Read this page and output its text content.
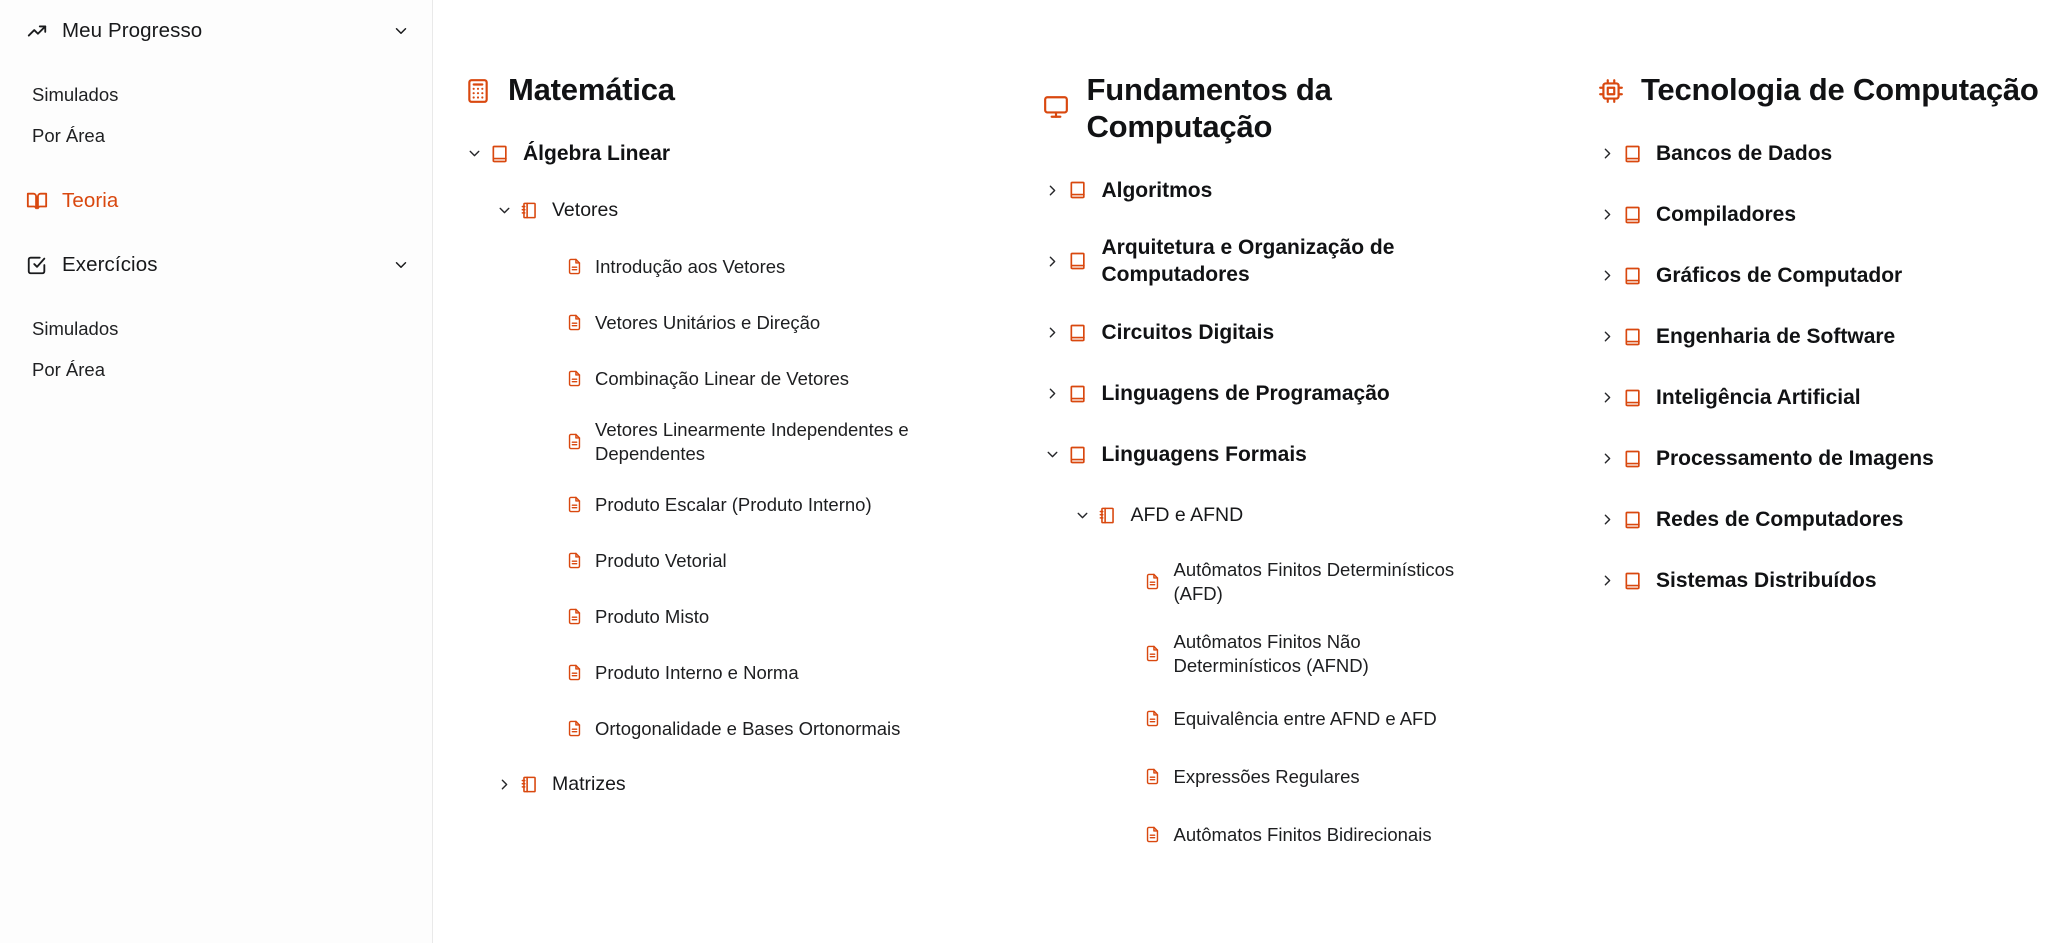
Meu Progresso
Simulados
Por Área
Teoria
Exercícios
Simulados
Por Área
Matemática
Álgebra Linear
Vetores
Introdução aos Vetores
Vetores Unitários e Direção
Combinação Linear de Vetores
Vetores Linearmente Independentes e Dependentes
Produto Escalar (Produto Interno)
Produto Vetorial
Produto Misto
Produto Interno e Norma
Ortogonalidade e Bases Ortonormais
Matrizes
Fundamentos da Computação
Algoritmos
Arquitetura e Organização de Computadores
Circuitos Digitais
Linguagens de Programação
Linguagens Formais
AFD e AFND
Autômatos Finitos Determinísticos (AFD)
Autômatos Finitos Não Determinísticos (AFND)
Equivalência entre AFND e AFD
Expressões Regulares
Autômatos Finitos Bidirecionais
Tecnologia de Computação
Bancos de Dados
Compiladores
Gráficos de Computador
Engenharia de Software
Inteligência Artificial
Processamento de Imagens
Redes de Computadores
Sistemas Distribuídos
